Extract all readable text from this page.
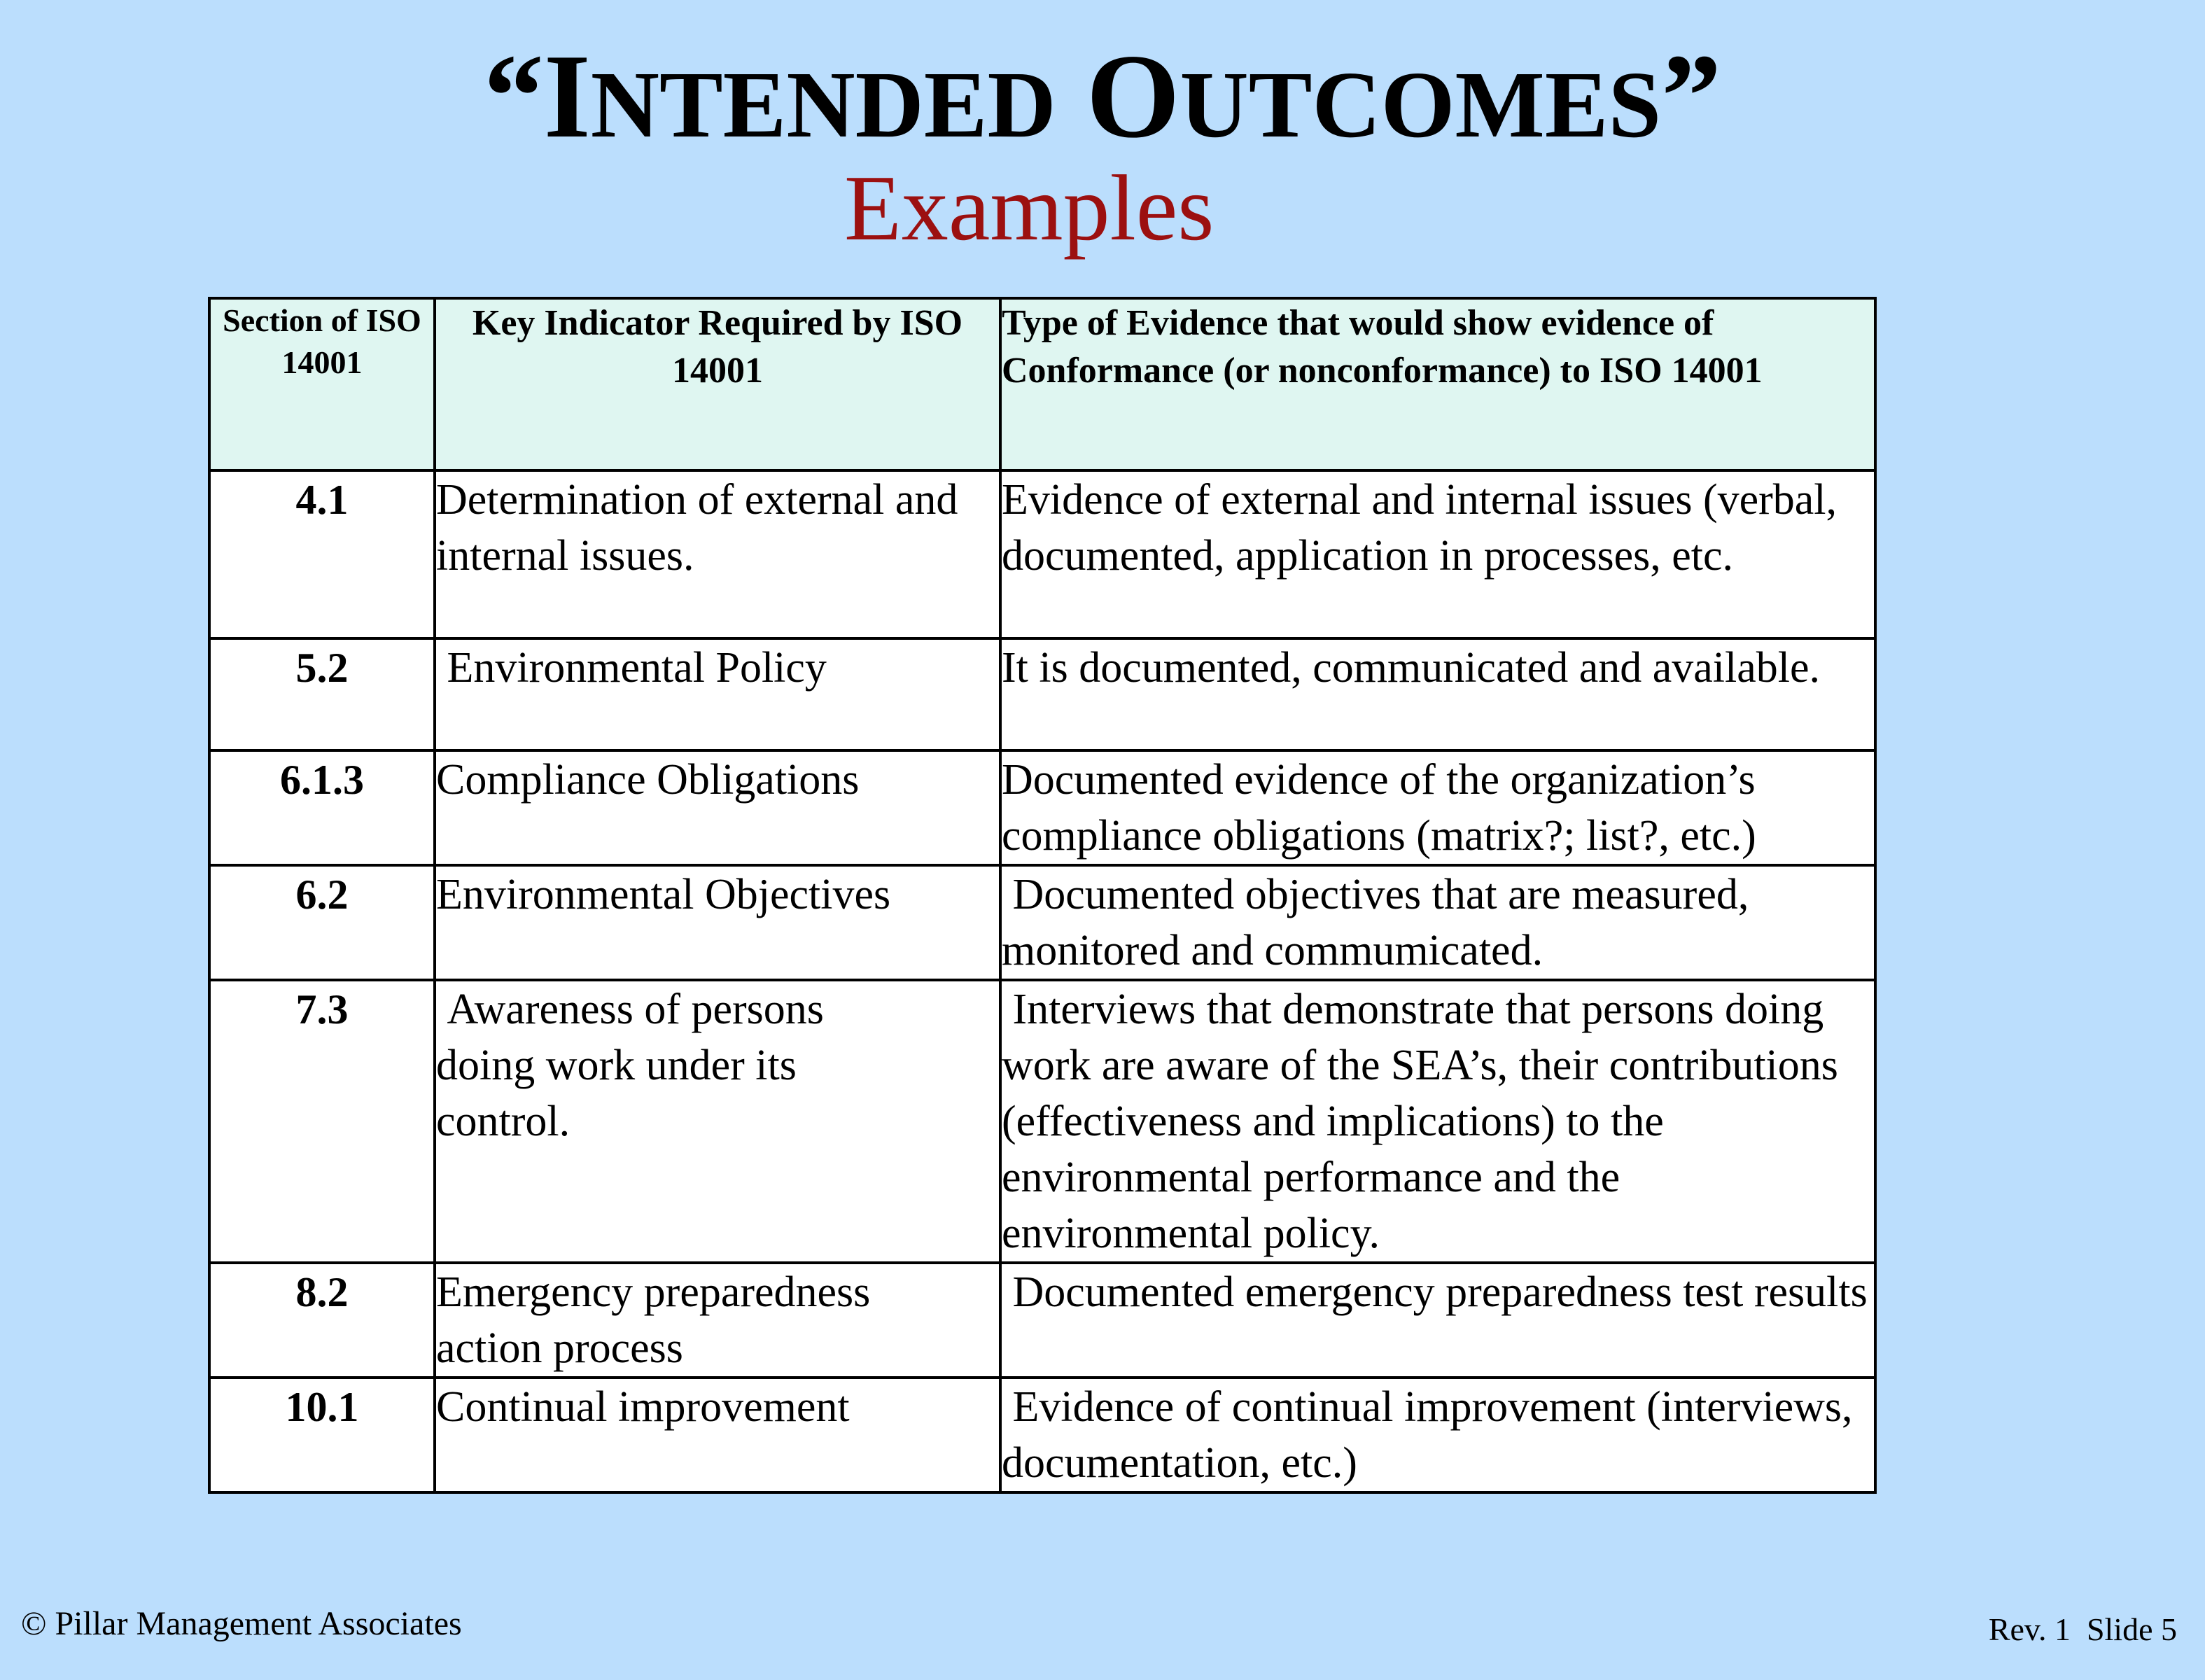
“INTENDED OUTCOMES”
Examples
Section of ISO 14001	Key Indicator Required by ISO 14001	Type of Evidence that would show evidence of Conformance (or nonconformance) to ISO 14001
4.1	Determination of external and internal issues.	Evidence of external and internal issues (verbal, documented, application in processes, etc.
5.2	Environmental Policy	It is documented, communicated and available.
6.1.3	Compliance Obligations	Documented evidence of the organization’s compliance obligations (matrix?; list?, etc.)
6.2	Environmental Objectives	Documented objectives that are measured, monitored and commumicated.
7.3	Awareness of persons doing work under its control.	Interviews that demonstrate that persons doing work are aware of the SEA’s, their contributions (effectiveness and implications) to the environmental performance and the environmental policy.
8.2	Emergency preparedness action process	Documented emergency preparedness test results
10.1	Continual improvement	Evidence of continual improvement (interviews, documentation, etc.)
© Pillar Management Associates	Rev. 1  Slide 5
